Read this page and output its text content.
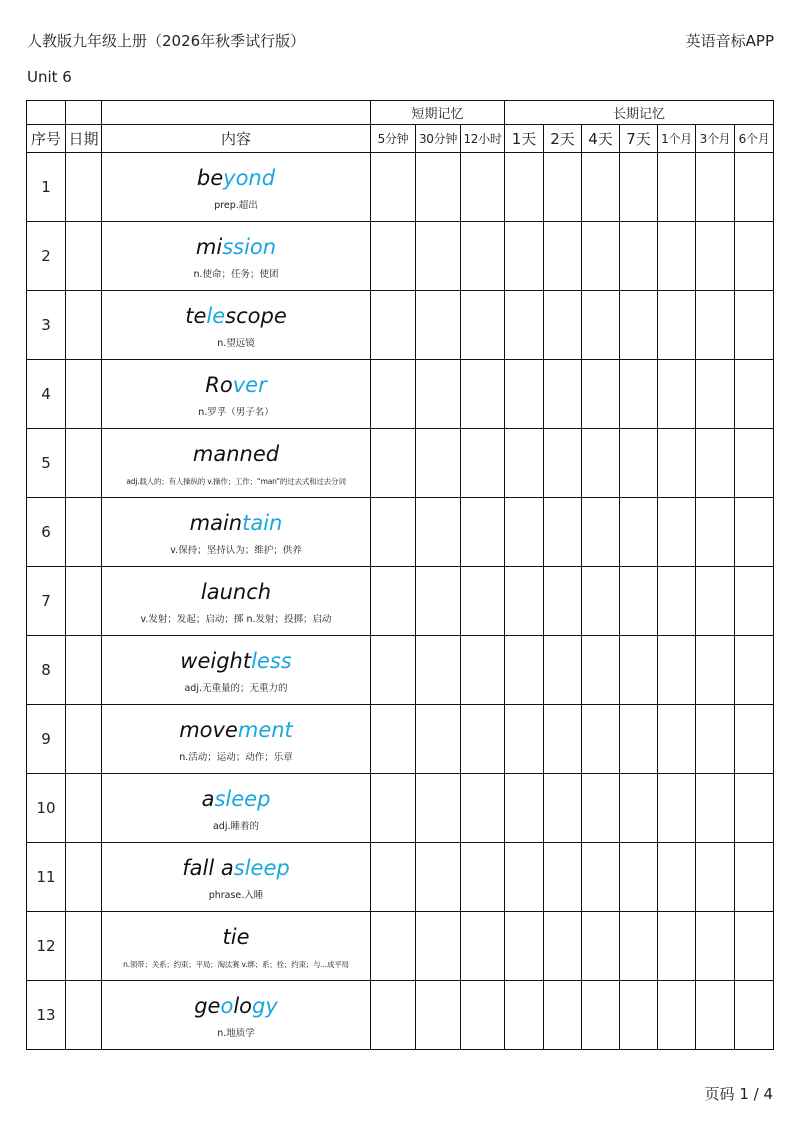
人教版九年级上册（2026年秋季试行版）	英语音标APP
Unit 6
			短期记忆			长期记忆						
序号	日期	内容	5分钟	30分钟	12小时	1天	2天	4天	7天	1个月	3个月	6个月
1		beyond
prep.超出										

2		mission
n.使命；任务；使团										

3		telescope
n.望远镜										

4		Rover
n.罗孚（男子名）										

5		manned
adj.载人的；有人操纵的 v.操作；工作；“man”的过去式和过去分词										

6		maintain
v.保持；坚持认为；维护；供养										

7		launch
v.发射；发起；启动；掷 n.发射；投掷；启动										

8		weightless
adj.无重量的；无重力的										

9		movement
n.活动；运动；动作；乐章										

10		asleep
adj.睡着的										

11		fall asleep
phrase.入睡										

12		tie
n.领带；关系；约束；平局；淘汰赛 v.绑；系；拴；约束；与...成平局										

13		geology
n.地质学										

页码 1 / 4
